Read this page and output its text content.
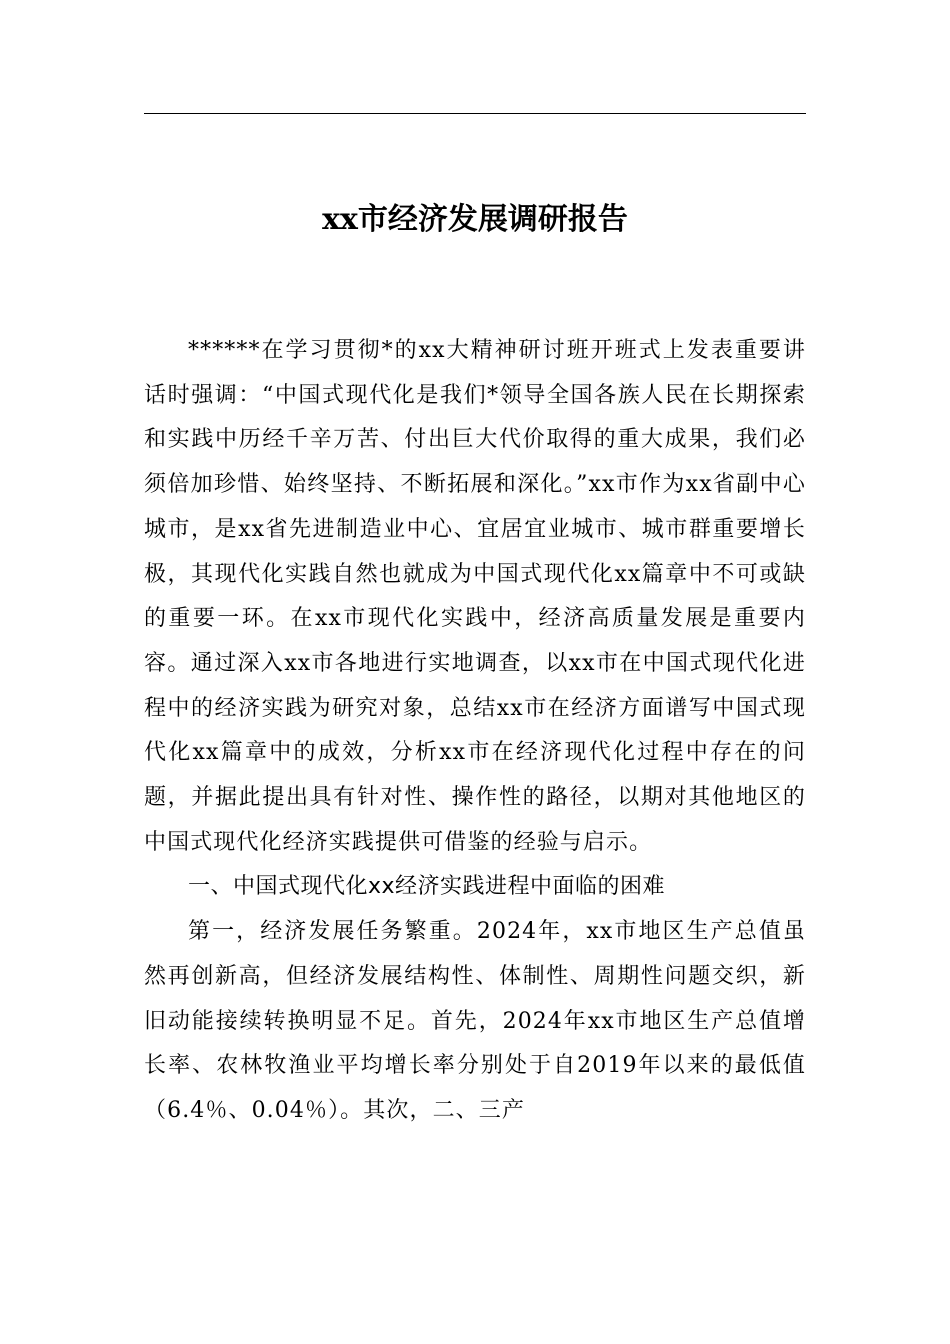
xx市经济发展调研报告

******在学习贯彻*的xx大精神研讨班开班式上发表重要讲话时强调：“中国式现代化是我们*领导全国各族人民在长期探索和实践中历经千辛万苦、付出巨大代价取得的重大成果，我们必须倍加珍惜、始终坚持、不断拓展和深化。”xx市作为xx省副中心城市，是xx省先进制造业中心、宜居宜业城市、城市群重要增长极，其现代化实践自然也就成为中国式现代化xx篇章中不可或缺的重要一环。在xx市现代化实践中，经济高质量发展是重要内容。通过深入xx市各地进行实地调查，以xx市在中国式现代化进程中的经济实践为研究对象，总结xx市在经济方面谱写中国式现代化xx篇章中的成效，分析xx市在经济现代化过程中存在的问题，并据此提出具有针对性、操作性的路径，以期对其他地区的中国式现代化经济实践提供可借鉴的经验与启示。

一、中国式现代化xx经济实践进程中面临的困难

第一，经济发展任务繁重。2024年，xx市地区生产总值虽然再创新高，但经济发展结构性、体制性、周期性问题交织，新旧动能接续转换明显不足。首先，2024年xx市地区生产总值增长率、农林牧渔业平均增长率分别处于自2019年以来的最低值（6.4％、0.04％）。其次，二、三产
